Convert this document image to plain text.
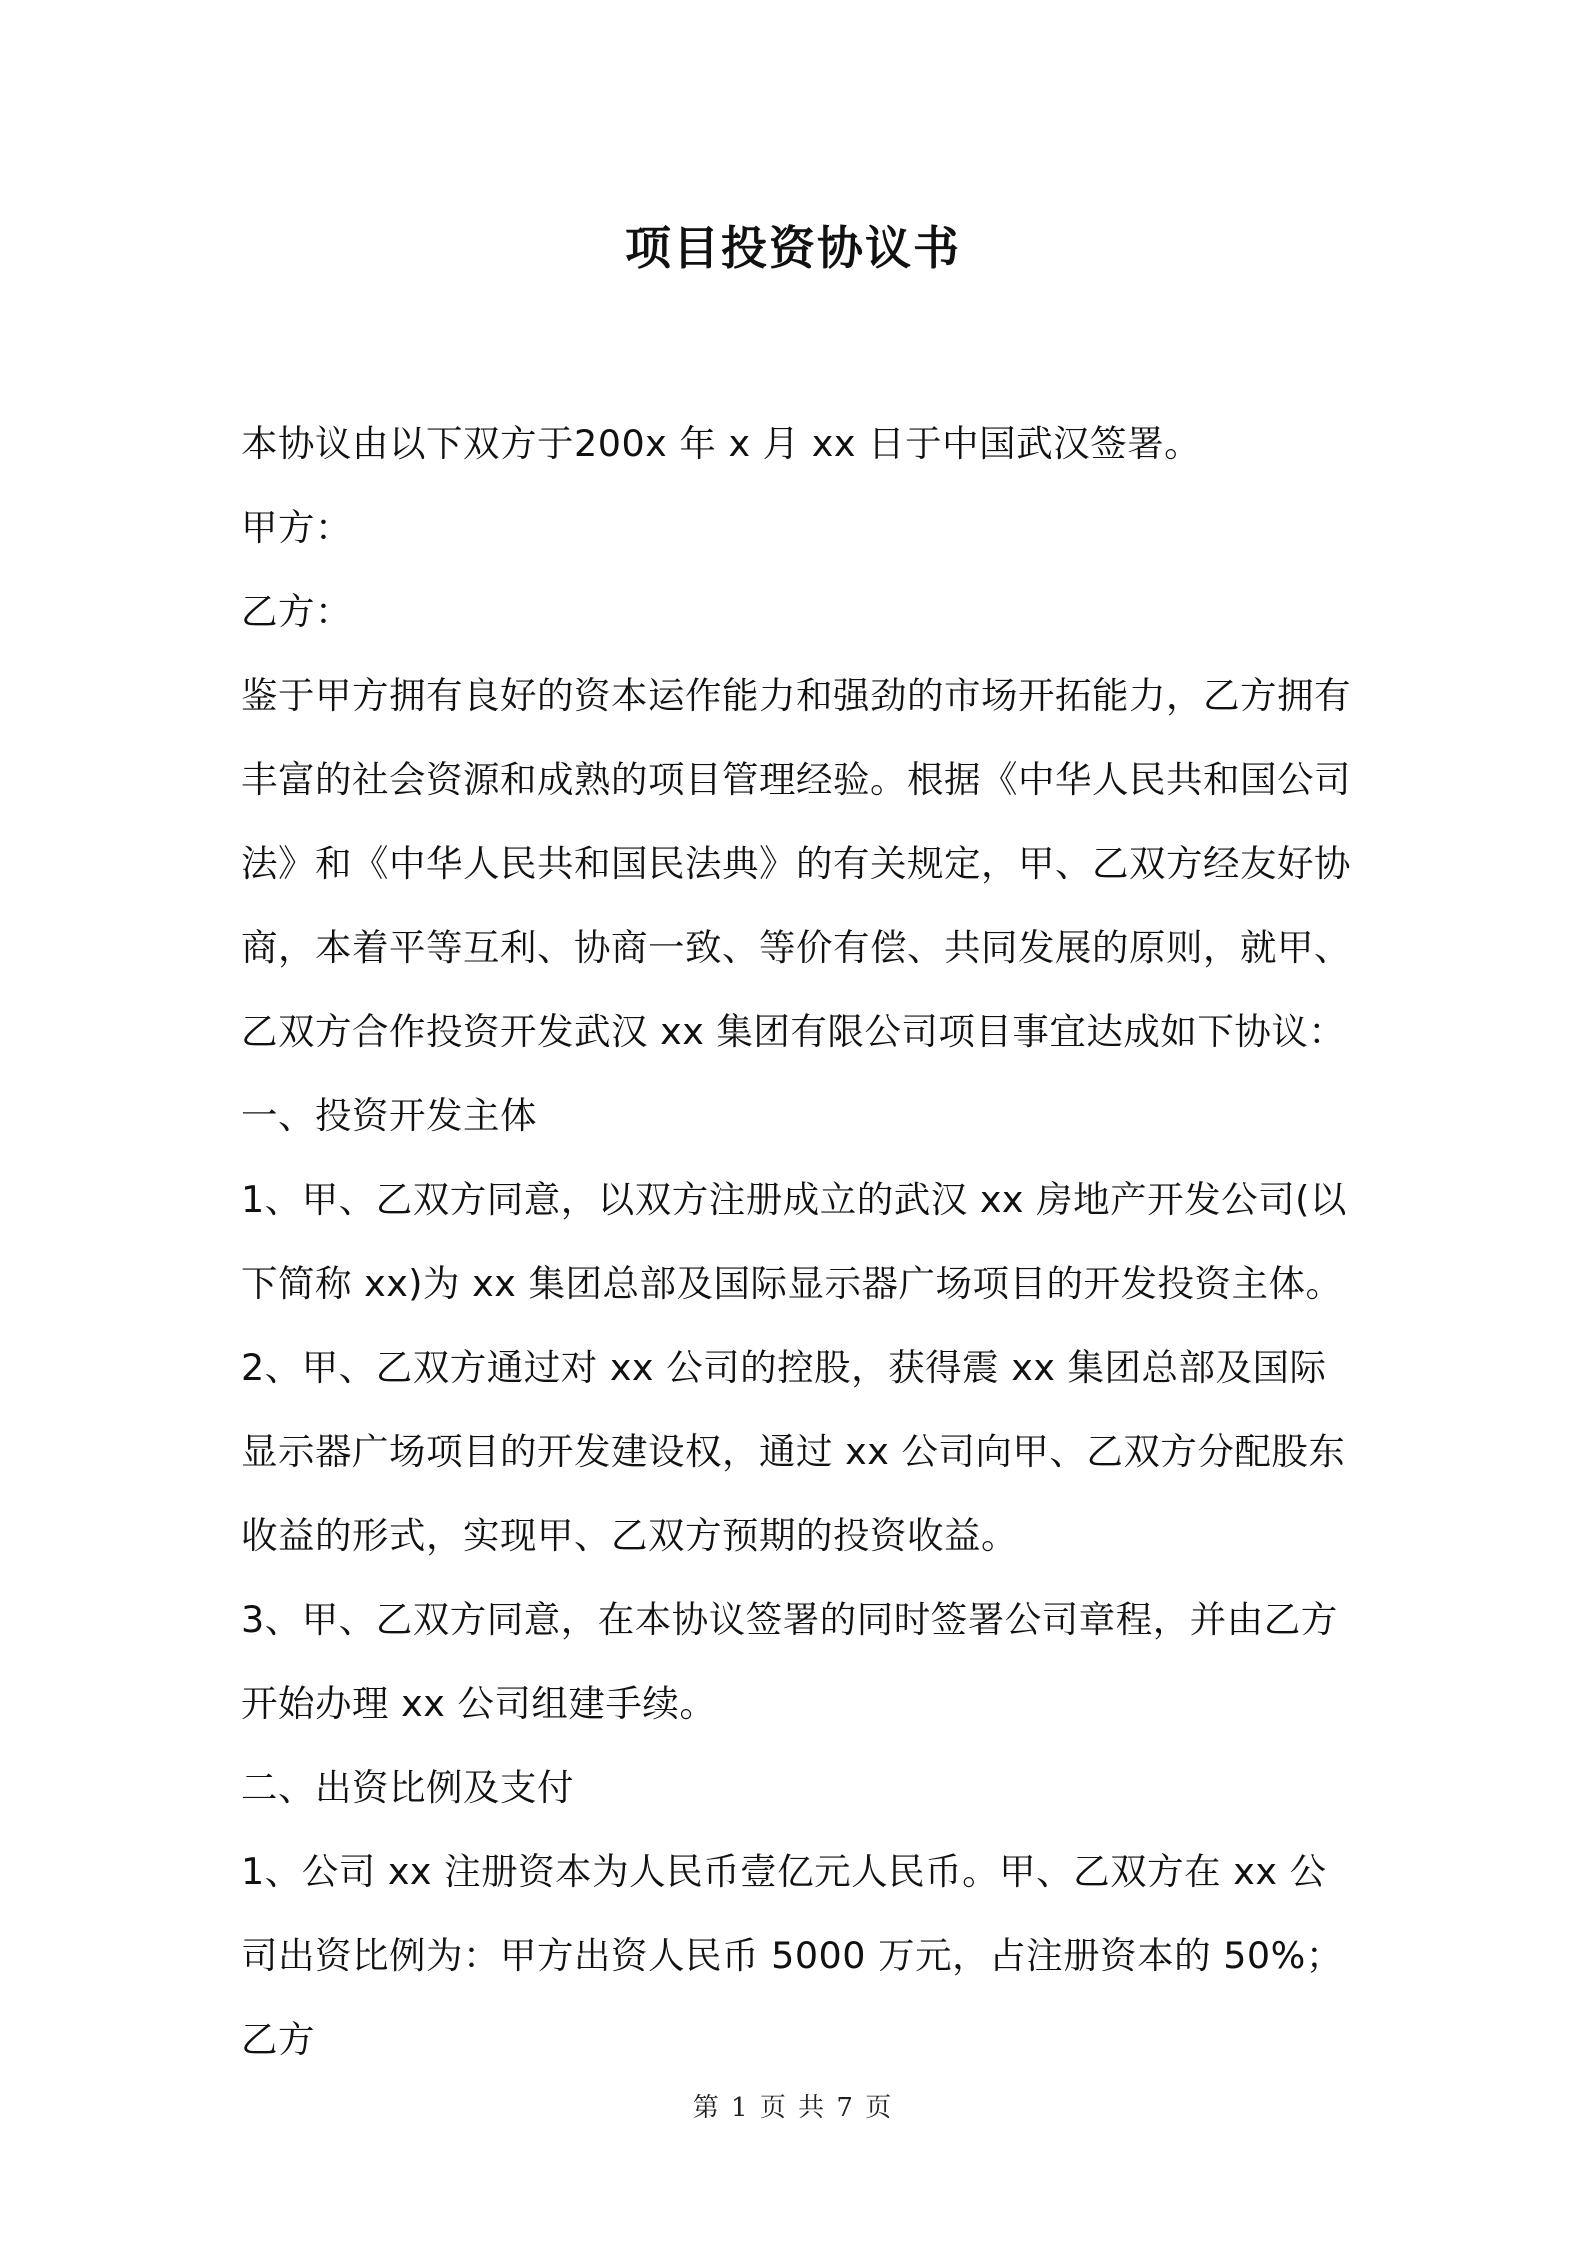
项目投资协议书

本协议由以下双方于200x 年 x 月 xx 日于中国武汉签署。

甲方：

乙方：

鉴于甲方拥有良好的资本运作能力和强劲的市场开拓能力，乙方拥有丰富的社会资源和成熟的项目管理经验。根据《中华人民共和国公司法》和《中华人民共和国民法典》的有关规定，甲、乙双方经友好协商，本着平等互利、协商一致、等价有偿、共同发展的原则，就甲、乙双方合作投资开发武汉 xx 集团有限公司项目事宜达成如下协议：

一、投资开发主体

1、甲、乙双方同意，以双方注册成立的武汉 xx 房地产开发公司(以下简称 xx)为 xx 集团总部及国际显示器广场项目的开发投资主体。

2、甲、乙双方通过对 xx 公司的控股，获得震 xx 集团总部及国际显示器广场项目的开发建设权，通过 xx 公司向甲、乙双方分配股东收益的形式，实现甲、乙双方预期的投资收益。

3、甲、乙双方同意，在本协议签署的同时签署公司章程，并由乙方开始办理 xx 公司组建手续。

二、出资比例及支付

1、公司 xx 注册资本为人民币壹亿元人民币。甲、乙双方在 xx 公司出资比例为：甲方出资人民币 5000 万元，占注册资本的 50%；乙方

第 1 页 共 7 页
